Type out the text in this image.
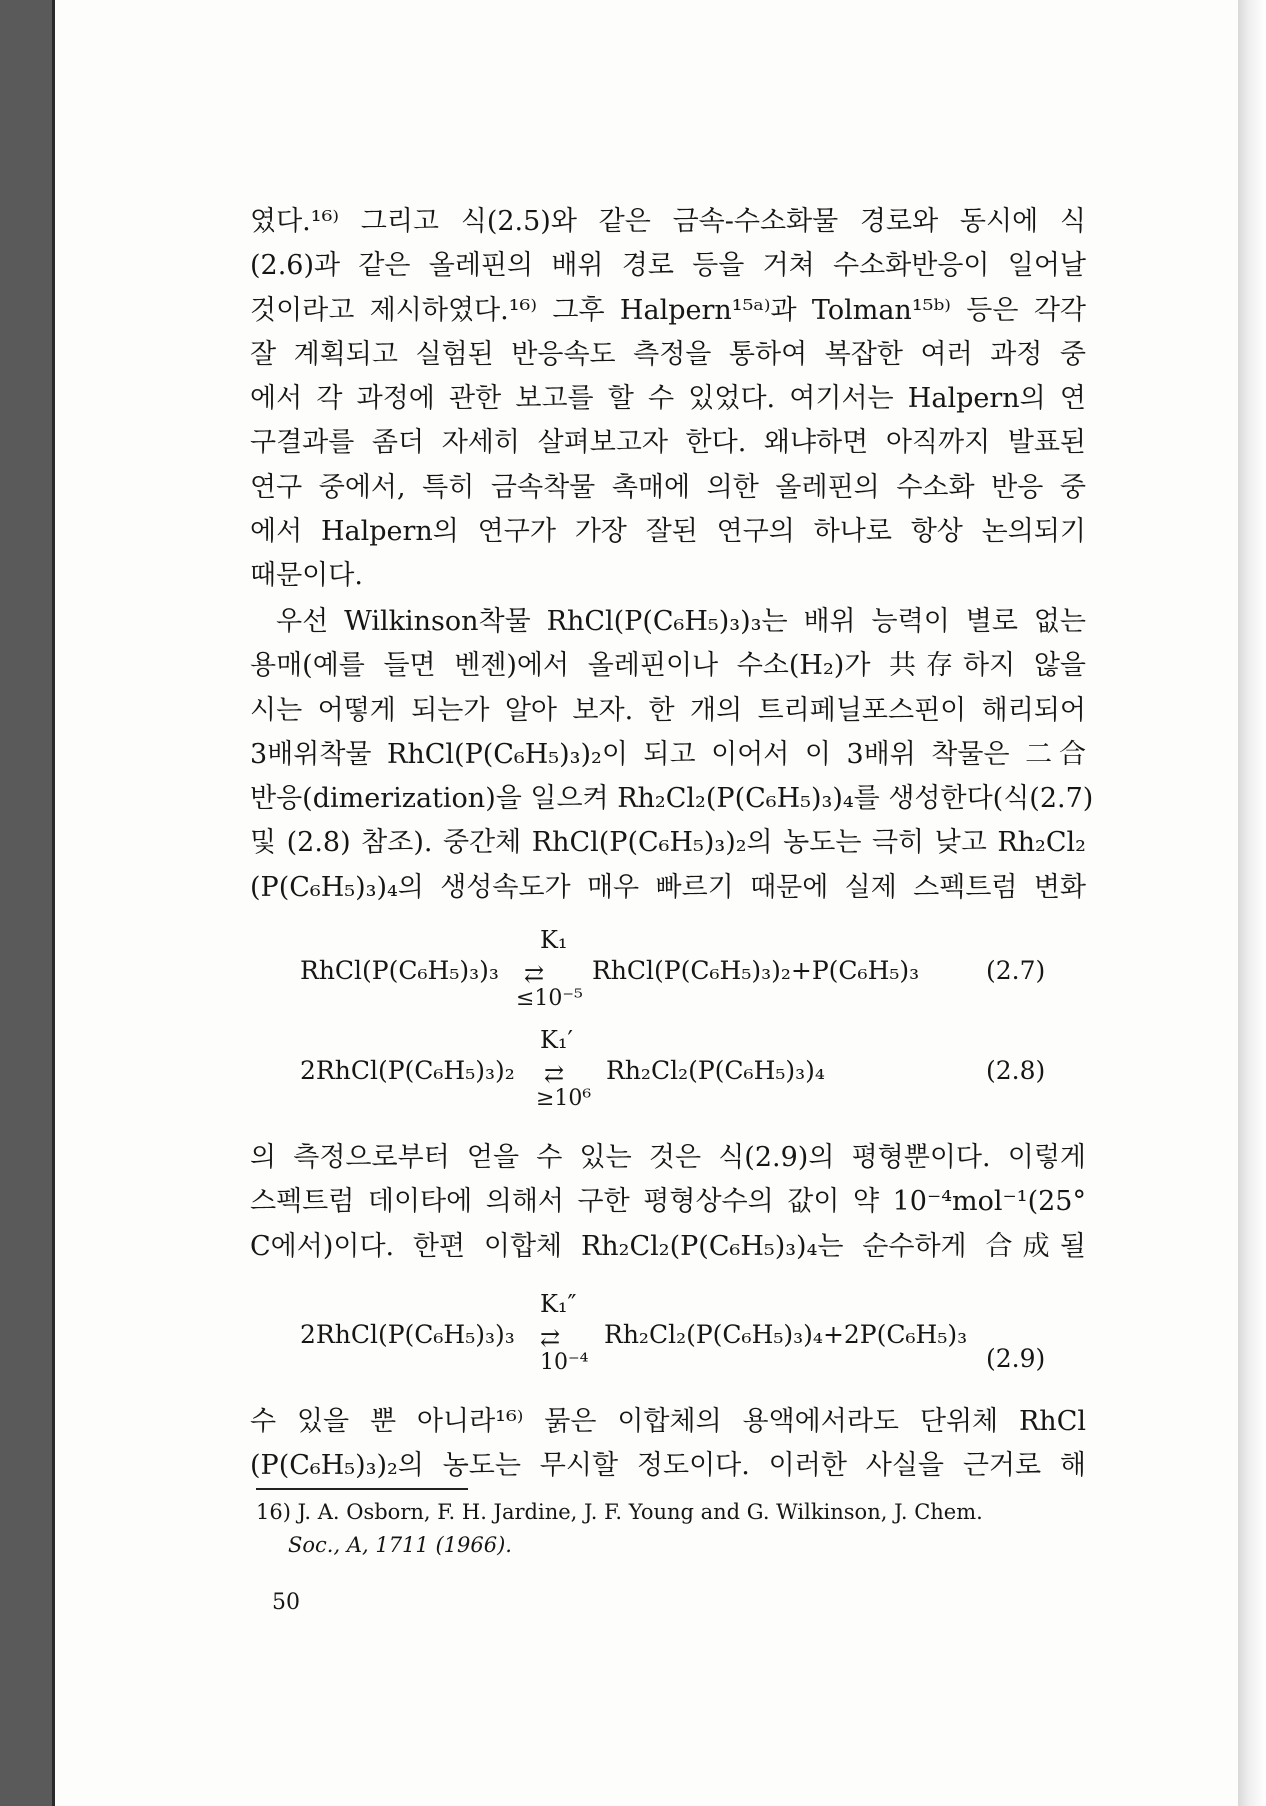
였다.¹⁶⁾ 그리고 식(2.5)와 같은 금속-수소화물 경로와 동시에 식
(2.6)과 같은 올레핀의 배위 경로 등을 거쳐 수소화반응이 일어날
것이라고 제시하였다.¹⁶⁾ 그후 Halpern¹⁵ᵃ⁾과 Tolman¹⁵ᵇ⁾ 등은 각각
잘 계획되고 실험된 반응속도 측정을 통하여 복잡한 여러 과정 중
에서 각 과정에 관한 보고를 할 수 있었다. 여기서는 Halpern의 연
구결과를 좀더 자세히 살펴보고자 한다. 왜냐하면 아직까지 발표된
연구 중에서, 특히 금속착물 촉매에 의한 올레핀의 수소화 반응 중
에서 Halpern의 연구가 가장 잘된 연구의 하나로 항상 논의되기
때문이다.
우선 Wilkinson착물 RhCl(P(C₆H₅)₃)₃는 배위 능력이 별로 없는
용매(예를 들면 벤젠)에서 올레핀이나 수소(H₂)가 共存하지 않을
시는 어떻게 되는가 알아 보자. 한 개의 트리페닐포스핀이 해리되어
3배위착물 RhCl(P(C₆H₅)₃)₂이 되고 이어서 이 3배위 착물은 二合
반응(dimerization)을 일으켜 Rh₂Cl₂(P(C₆H₅)₃)₄를 생성한다(식(2.7)
및 (2.8) 참조). 중간체 RhCl(P(C₆H₅)₃)₂의 농도는 극히 낮고 Rh₂Cl₂
(P(C₆H₅)₃)₄의 생성속도가 매우 빠르기 때문에 실제 스펙트럼 변화
K₁
RhCl(P(C₆H₅)₃)₃ ⇄ RhCl(P(C₆H₅)₃)₂+P(C₆H₅)₃
≤10⁻⁵
(2.7)
K₁′
2RhCl(P(C₆H₅)₃)₂ ⇄ Rh₂Cl₂(P(C₆H₅)₃)₄
≥10⁶
(2.8)
의 측정으로부터 얻을 수 있는 것은 식(2.9)의 평형뿐이다. 이렇게
스펙트럼 데이타에 의해서 구한 평형상수의 값이 약 10⁻⁴mol⁻¹(25°
C에서)이다. 한편 이합체 Rh₂Cl₂(P(C₆H₅)₃)₄는 순수하게 合成될
K₁″
2RhCl(P(C₆H₅)₃)₃ ⇄ Rh₂Cl₂(P(C₆H₅)₃)₄+2P(C₆H₅)₃
10⁻⁴	(2.9)
수 있을 뿐 아니라¹⁶⁾ 묽은 이합체의 용액에서라도 단위체 RhCl
(P(C₆H₅)₃)₂의 농도는 무시할 정도이다. 이러한 사실을 근거로 해
16) J. A. Osborn, F. H. Jardine, J. F. Young and G. Wilkinson, J. Chem.
Soc., A, 1711 (1966).
50
